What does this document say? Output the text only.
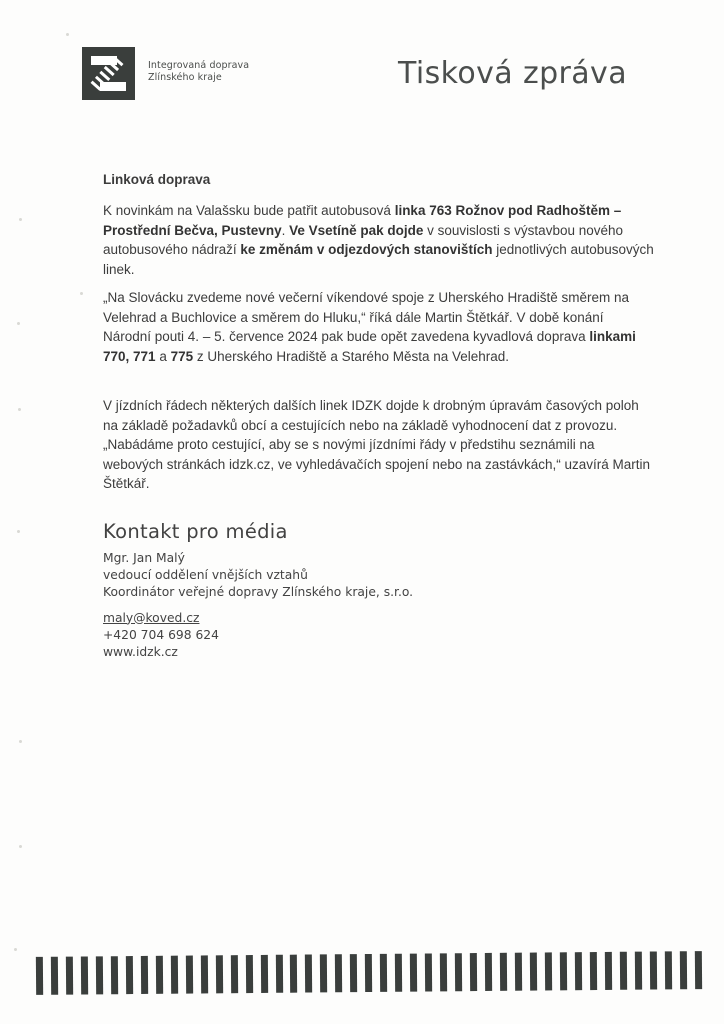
Integrovaná doprava
Zlínského kraje	Tisková zpráva
Linková doprava

K novinkám na Valašsku bude patřit autobusová linka 763 Rožnov pod Radhoštěm – Prostřední Bečva, Pustevny. Ve Vsetíně pak dojde v souvislosti s výstavbou nového autobusového nádraží ke změnám v odjezdových stanovištích jednotlivých autobusových linek.

„Na Slovácku zvedeme nové večerní víkendové spoje z Uherského Hradiště směrem na Velehrad a Buchlovice a směrem do Hluku,“ říká dále Martin Štětkář. V době konání Národní pouti 4. – 5. července 2024 pak bude opět zavedena kyvadlová doprava linkami 770, 771 a 775 z Uherského Hradiště a Starého Města na Velehrad.

V jízdních řádech některých dalších linek IDZK dojde k drobným úpravám časových poloh na základě požadavků obcí a cestujících nebo na základě vyhodnocení dat z provozu. „Nabádáme proto cestující, aby se s novými jízdními řády v předstihu seznámili na webových stránkách idzk.cz, ve vyhledávačích spojení nebo na zastávkách,“ uzavírá Martin Štětkář.

Kontakt pro média
Mgr. Jan Malý
vedoucí oddělení vnějších vztahů
Koordinátor veřejné dopravy Zlínského kraje, s.r.o.
maly@koved.cz
+420 704 698 624
www.idzk.cz
